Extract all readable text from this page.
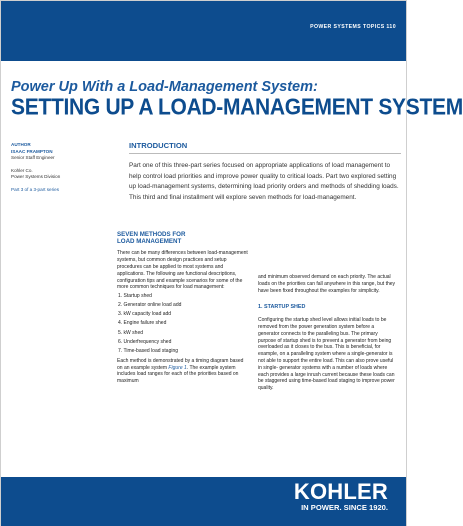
POWER SYSTEMS TOPICS 110
Power Up With a Load-Management System:
SETTING UP A LOAD-MANAGEMENT SYSTEM
AUTHOR
ISAAC FRAMPTON
Senior Staff Engineer
Kohler Co.
Power Systems Division
Part 3 of a 3-part series
INTRODUCTION

Part one of this three-part series focused on appropriate applications of load management to help control load priorities and improve power quality to critical loads. Part two explored setting up load-management systems, determining load priority orders and methods of shedding loads. This third and final installment will explore seven methods for load-management.

SEVEN METHODS FOR
LOAD MANAGEMENT

There can be many differences between load-management systems, but common design practices and setup procedures can be applied to most systems and applications. The following are functional descriptions, configuration tips and example scenarios for some of the more common techniques for load management:

1. Startup shed
2. Generator online load add
3. kW capacity load add
4. Engine failure shed
5. kW shed
6. Underfrequency shed
7. Time-based load staging

Each method is demonstrated by a timing diagram based on an example system Figure 1. The example system includes load ranges for each of the priorities based on maximum

and minimum observed demand on each priority. The actual loads on the priorities can fall anywhere in this range, but they have been fixed throughout the examples for simplicity.

1. STARTUP SHED

Configuring the startup shed level allows initial loads to be removed from the power generation system before a generator connects to the paralleling bus. The primary purpose of startup shed is to prevent a generator from being overloaded as it closes to the bus. This is beneficial, for example, on a paralleling system where a single-generator is not able to support the entire load. This can also prove useful in single- generator systems with a number of loads where each provides a large inrush current because these loads can be staggered using time-based load staging to improve power quality.

KOHLER
IN POWER. SINCE 1920.
